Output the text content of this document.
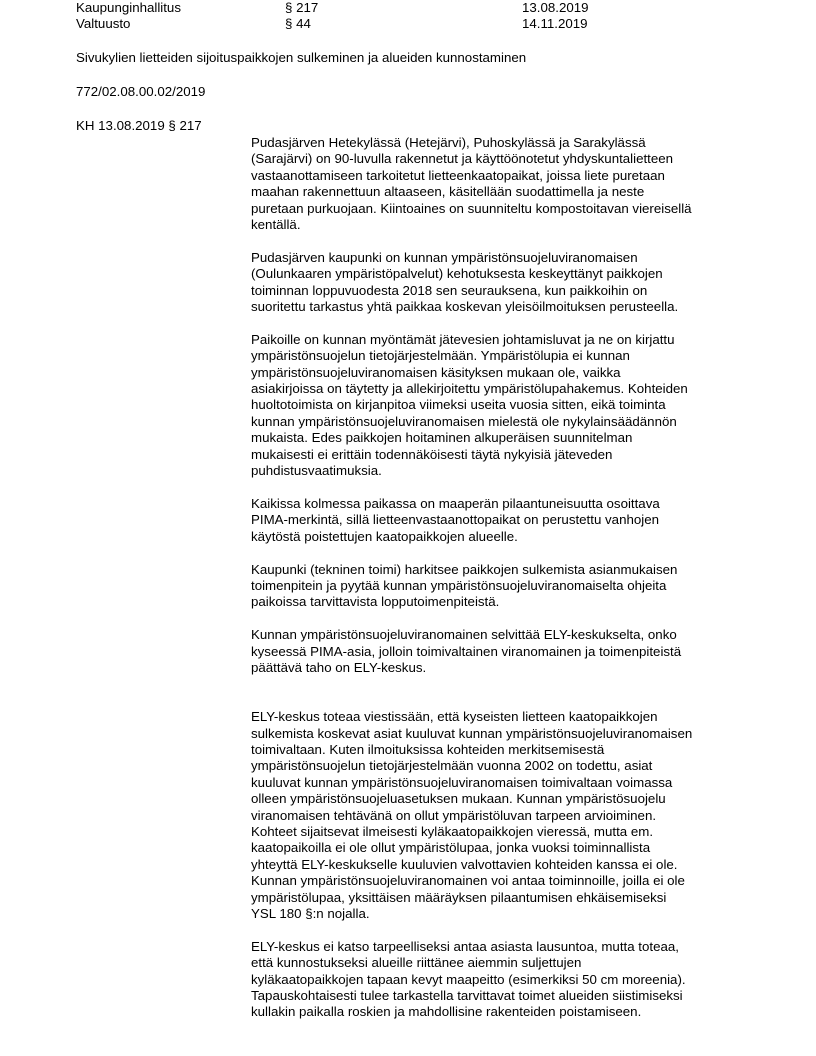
Kaupunginhallitus	§ 217	13.08.2019
Valtuusto	§ 44	14.11.2019
Sivukylien lietteiden sijoituspaikkojen sulkeminen ja alueiden kunnostaminen
772/02.08.00.02/2019
KH 13.08.2019 § 217

Pudasjärven Hetekylässä (Hetejärvi), Puhoskylässä ja Sarakylässä
(Sarajärvi) on 90-luvulla rakennetut ja käyttöönotetut yhdyskuntalietteen
vastaanottamiseen tarkoitetut lietteenkaatopaikat, joissa liete puretaan
maahan rakennettuun altaaseen, käsitellään suodattimella ja neste
puretaan purkuojaan. Kiintoaines on suunniteltu kompostoitavan viereisellä
kentällä.

Pudasjärven kaupunki on kunnan ympäristönsuojeluviranomaisen
(Oulunkaaren ympäristöpalvelut) kehotuksesta keskeyttänyt paikkojen
toiminnan loppuvuodesta 2018 sen seurauksena, kun paikkoihin on
suoritettu tarkastus yhtä paikkaa koskevan yleisöilmoituksen perusteella.

Paikoille on kunnan myöntämät jätevesien johtamisluvat ja ne on kirjattu
ympäristönsuojelun tietojärjestelmään. Ympäristölupia ei kunnan
ympäristönsuojeluviranomaisen käsityksen mukaan ole, vaikka
asiakirjoissa on täytetty ja allekirjoitettu ympäristölupahakemus. Kohteiden
huoltotoimista on kirjanpitoa viimeksi useita vuosia sitten, eikä toiminta
kunnan ympäristönsuojeluviranomaisen mielestä ole nykylainsäädännön
mukaista. Edes paikkojen hoitaminen alkuperäisen suunnitelman
mukaisesti ei erittäin todennäköisesti täytä nykyisiä jäteveden
puhdistusvaatimuksia.

Kaikissa kolmessa paikassa on maaperän pilaantuneisuutta osoittava
PIMA-merkintä, sillä lietteenvastaanottopaikat on perustettu vanhojen
käytöstä poistettujen kaatopaikkojen alueelle.

Kaupunki (tekninen toimi) harkitsee paikkojen sulkemista asianmukaisen
toimenpitein ja pyytää kunnan ympäristönsuojeluviranomaiselta ohjeita
paikoissa tarvittavista lopputoimenpiteistä.

Kunnan ympäristönsuojeluviranomainen selvittää ELY-keskukselta, onko
kyseessä PIMA-asia, jolloin toimivaltainen viranomainen ja toimenpiteistä
päättävä taho on ELY-keskus.

ELY-keskus toteaa viestissään, että kyseisten lietteen kaatopaikkojen
sulkemista koskevat asiat kuuluvat kunnan ympäristönsuojeluviranomaisen
toimivaltaan. Kuten ilmoituksissa kohteiden merkitsemisestä
ympäristönsuojelun tietojärjestelmään vuonna 2002 on todettu, asiat
kuuluvat kunnan ympäristönsuojeluviranomaisen toimivaltaan voimassa
olleen ympäristönsuojeluasetuksen mukaan. Kunnan ympäristösuojelu
viranomaisen tehtävänä on ollut ympäristöluvan tarpeen arvioiminen.
Kohteet sijaitsevat ilmeisesti kyläkaatopaikkojen vieressä, mutta em.
kaatopaikoilla ei ole ollut ympäristölupaa, jonka vuoksi toiminnallista
yhteyttä ELY-keskukselle kuuluvien valvottavien kohteiden kanssa ei ole.
Kunnan ympäristönsuojeluviranomainen voi antaa toiminnoille, joilla ei ole
ympäristölupaa, yksittäisen määräyksen pilaantumisen ehkäisemiseksi
YSL 180 §:n nojalla.

ELY-keskus ei katso tarpeelliseksi antaa asiasta lausuntoa, mutta toteaa,
että kunnostukseksi alueille riittänee aiemmin suljettujen
kyläkaatopaikkojen tapaan kevyt maapeitto (esimerkiksi 50 cm moreenia).
Tapauskohtaisesti tulee tarkastella tarvittavat toimet alueiden siistimiseksi
kullakin paikalla roskien ja mahdollisine rakenteiden poistamiseen.
